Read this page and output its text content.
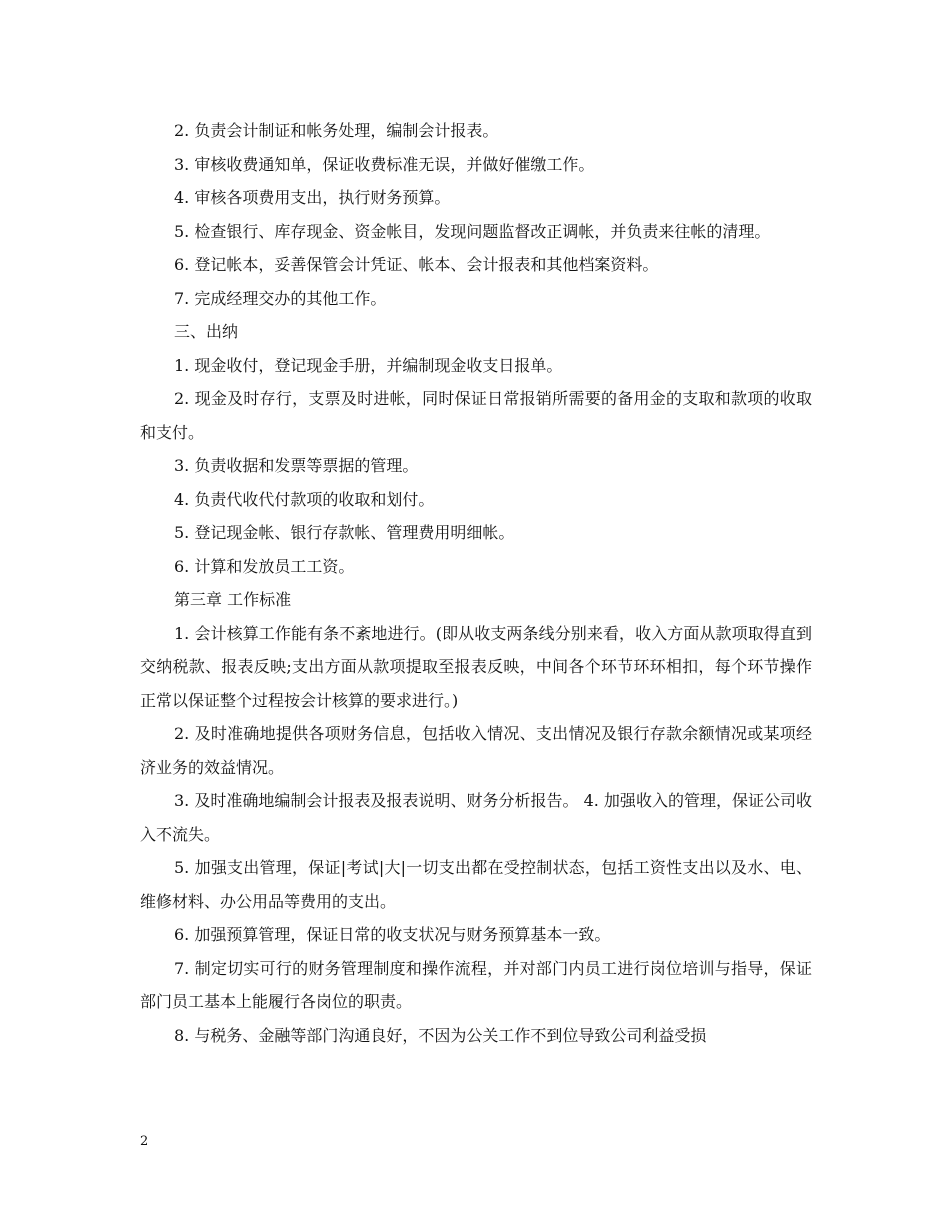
2. 负责会计制证和帐务处理，编制会计报表。

3. 审核收费通知单，保证收费标准无误，并做好催缴工作。

4. 审核各项费用支出，执行财务预算。

5. 检查银行、库存现金、资金帐目，发现问题监督改正调帐，并负责来往帐的清理。

6. 登记帐本，妥善保管会计凭证、帐本、会计报表和其他档案资料。

7. 完成经理交办的其他工作。

三、出纳

1. 现金收付，登记现金手册，并编制现金收支日报单。

2. 现金及时存行，支票及时进帐，同时保证日常报销所需要的备用金的支取和款项的收取和支付。

3. 负责收据和发票等票据的管理。

4. 负责代收代付款项的收取和划付。

5. 登记现金帐、银行存款帐、管理费用明细帐。

6. 计算和发放员工工资。

第三章 工作标准

1. 会计核算工作能有条不紊地进行。(即从收支两条线分别来看，收入方面从款项取得直到交纳税款、报表反映;支出方面从款项提取至报表反映，中间各个环节环环相扣，每个环节操作正常以保证整个过程按会计核算的要求进行。)

2. 及时准确地提供各项财务信息，包括收入情况、支出情况及银行存款余额情况或某项经济业务的效益情况。

3. 及时准确地编制会计报表及报表说明、财务分析报告。 4. 加强收入的管理，保证公司收入不流失。

5. 加强支出管理，保证|考试|大|一切支出都在受控制状态，包括工资性支出以及水、电、维修材料、办公用品等费用的支出。

6. 加强预算管理，保证日常的收支状况与财务预算基本一致。

7. 制定切实可行的财务管理制度和操作流程，并对部门内员工进行岗位培训与指导，保证部门员工基本上能履行各岗位的职责。

8. 与税务、金融等部门沟通良好，不因为公关工作不到位导致公司利益受损

2
